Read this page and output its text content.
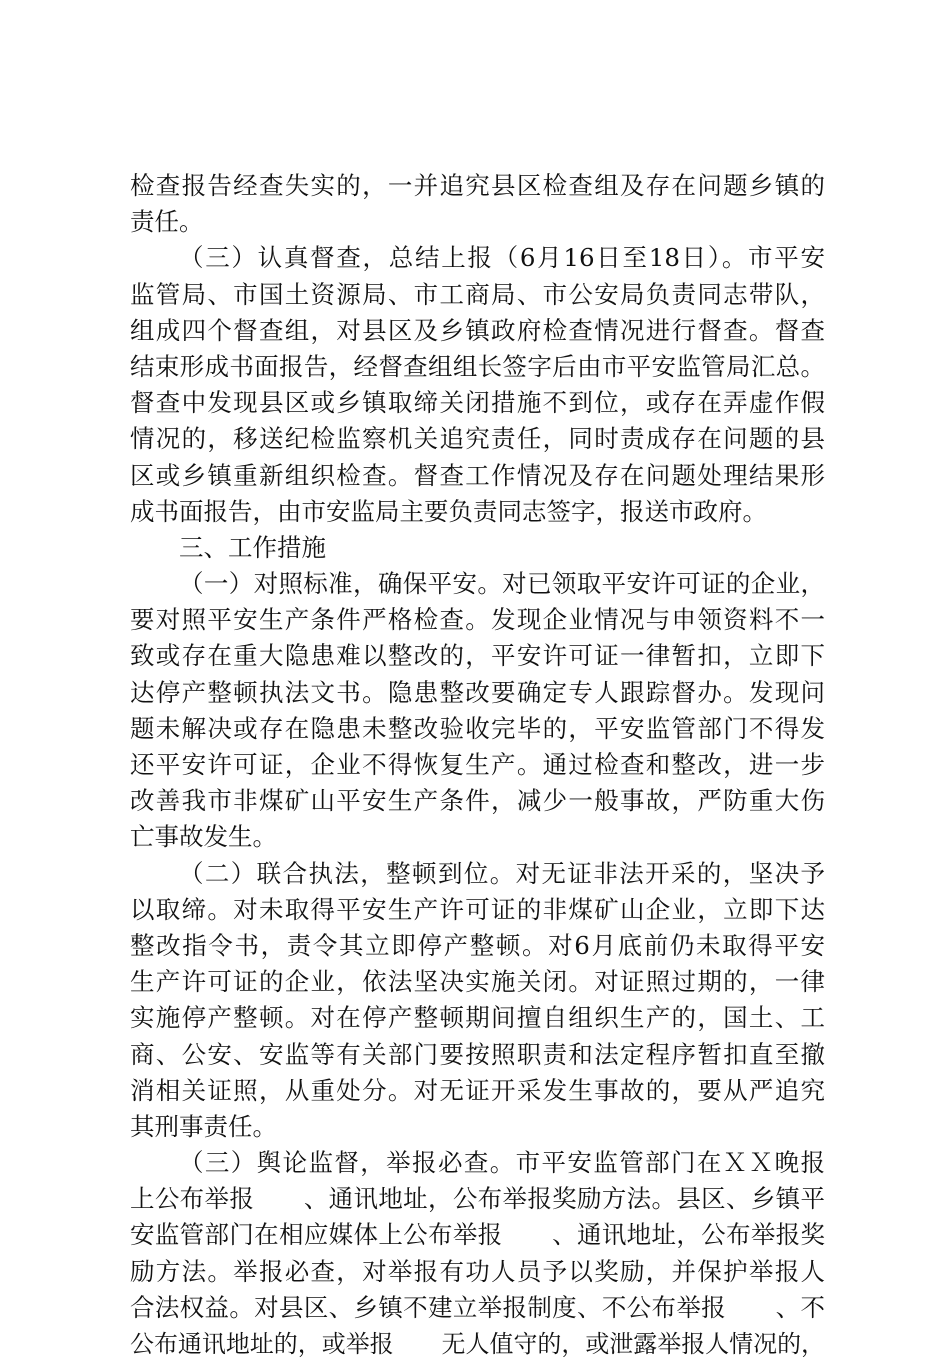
检查报告经查失实的，一并追究县区检查组及存在问题乡镇的
责任。
（三）认真督查，总结上报（6月16日至18日）。市平安
监管局、市国土资源局、市工商局、市公安局负责同志带队，
组成四个督查组，对县区及乡镇政府检查情况进行督查。督查
结束形成书面报告，经督查组组长签字后由市平安监管局汇总。
督查中发现县区或乡镇取缔关闭措施不到位，或存在弄虚作假
情况的，移送纪检监察机关追究责任，同时责成存在问题的县
区或乡镇重新组织检查。督查工作情况及存在问题处理结果形
成书面报告，由市安监局主要负责同志签字，报送市政府。
三、工作措施
（一）对照标准，确保平安。对已领取平安许可证的企业，
要对照平安生产条件严格检查。发现企业情况与申领资料不一
致或存在重大隐患难以整改的，平安许可证一律暂扣，立即下
达停产整顿执法文书。隐患整改要确定专人跟踪督办。发现问
题未解决或存在隐患未整改验收完毕的，平安监管部门不得发
还平安许可证，企业不得恢复生产。通过检查和整改，进一步
改善我市非煤矿山平安生产条件，减少一般事故，严防重大伤
亡事故发生。
（二）联合执法，整顿到位。对无证非法开采的，坚决予
以取缔。对未取得平安生产许可证的非煤矿山企业，立即下达
整改指令书，责令其立即停产整顿。对6月底前仍未取得平安
生产许可证的企业，依法坚决实施关闭。对证照过期的，一律
实施停产整顿。对在停产整顿期间擅自组织生产的，国土、工
商、公安、安监等有关部门要按照职责和法定程序暂扣直至撤
消相关证照，从重处分。对无证开采发生事故的，要从严追究
其刑事责任。
（三）舆论监督，举报必查。市平安监管部门在ＸＸ晚报
上公布举报　　、通讯地址，公布举报奖励方法。县区、乡镇平
安监管部门在相应媒体上公布举报　　、通讯地址，公布举报奖
励方法。举报必查，对举报有功人员予以奖励，并保护举报人
合法权益。对县区、乡镇不建立举报制度、不公布举报　　、不
公布通讯地址的，或举报　　无人值守的，或泄露举报人情况的，
